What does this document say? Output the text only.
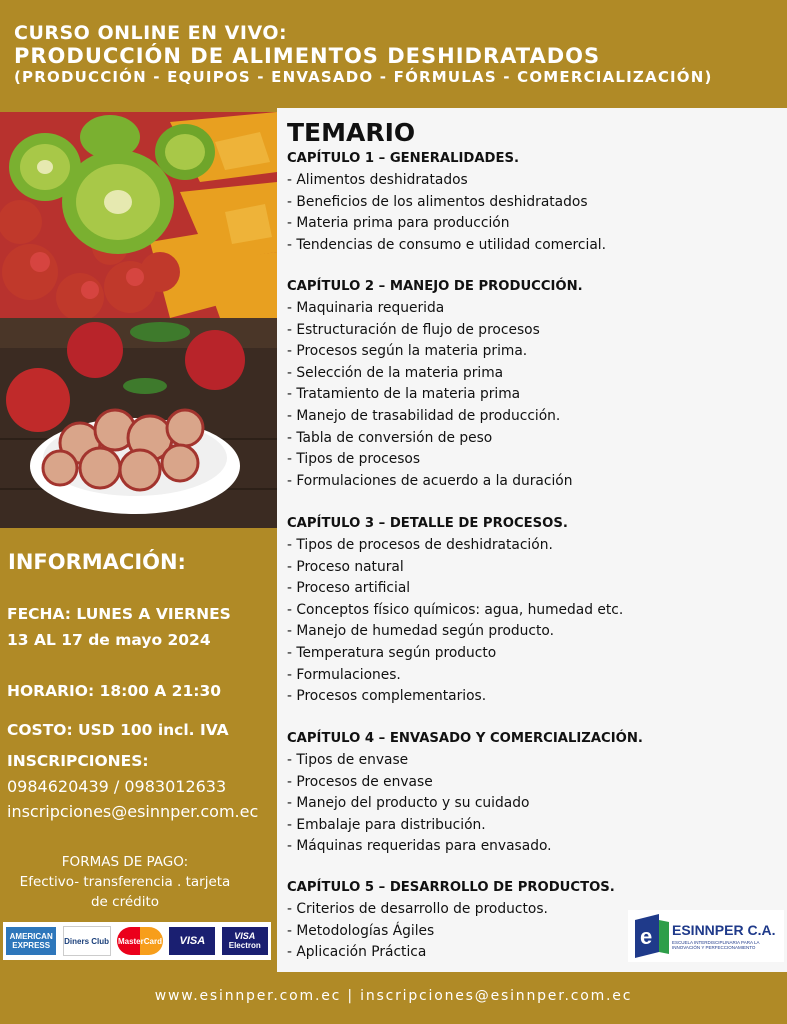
CURSO ONLINE EN VIVO:
PRODUCCIÓN DE ALIMENTOS DESHIDRATADOS
(PRODUCCIÓN - EQUIPOS - ENVASADO - FÓRMULAS - COMERCIALIZACIÓN)
TEMARIO
CAPÍTULO 1 – GENERALIDADES.
- Alimentos deshidratados
- Beneficios de los alimentos deshidratados
- Materia prima para producción
- Tendencias de consumo e utilidad comercial.
CAPÍTULO 2 – MANEJO DE PRODUCCIÓN.
- Maquinaria requerida
- Estructuración de flujo de procesos
- Procesos según la materia prima.
- Selección de la materia prima
- Tratamiento de la materia prima
- Manejo de trasabilidad de producción.
- Tabla de conversión de peso
- Tipos de procesos
- Formulaciones de acuerdo a la duración
CAPÍTULO 3 – DETALLE DE PROCESOS.
- Tipos de procesos de deshidratación.
- Proceso natural
- Proceso artificial
- Conceptos físico químicos: agua, humedad etc.
- Manejo de humedad según producto.
- Temperatura según producto
- Formulaciones.
- Procesos complementarios.
CAPÍTULO 4 – ENVASADO Y COMERCIALIZACIÓN.
- Tipos de envase
- Procesos de envase
- Manejo del producto y su cuidado
- Embalaje para distribución.
- Máquinas requeridas para envasado.
CAPÍTULO 5 – DESARROLLO DE PRODUCTOS.
- Criterios de desarrollo de productos.
- Metodologías Ágiles
- Aplicación Práctica
INFORMACIÓN:
FECHA: LUNES A VIERNES
13 AL 17 de mayo 2024
HORARIO: 18:00 A 21:30
COSTO: USD 100 incl. IVA
INSCRIPCIONES:
0984620439 / 0983012633
inscripciones@esinnper.com.ec
FORMAS DE PAGO:
Efectivo- transferencia . tarjeta
de crédito
AMERICAN EXPRESS	Diners Club MasterCard	VISA	VISA
Electron	e ESINNPER C.A.
ESCUELA INTERDISCIPLINARIA PARA LA INNOVACIÓN Y PERFECCIONAMIENTO
www.esinnper.com.ec | inscripciones@esinnper.com.ec
